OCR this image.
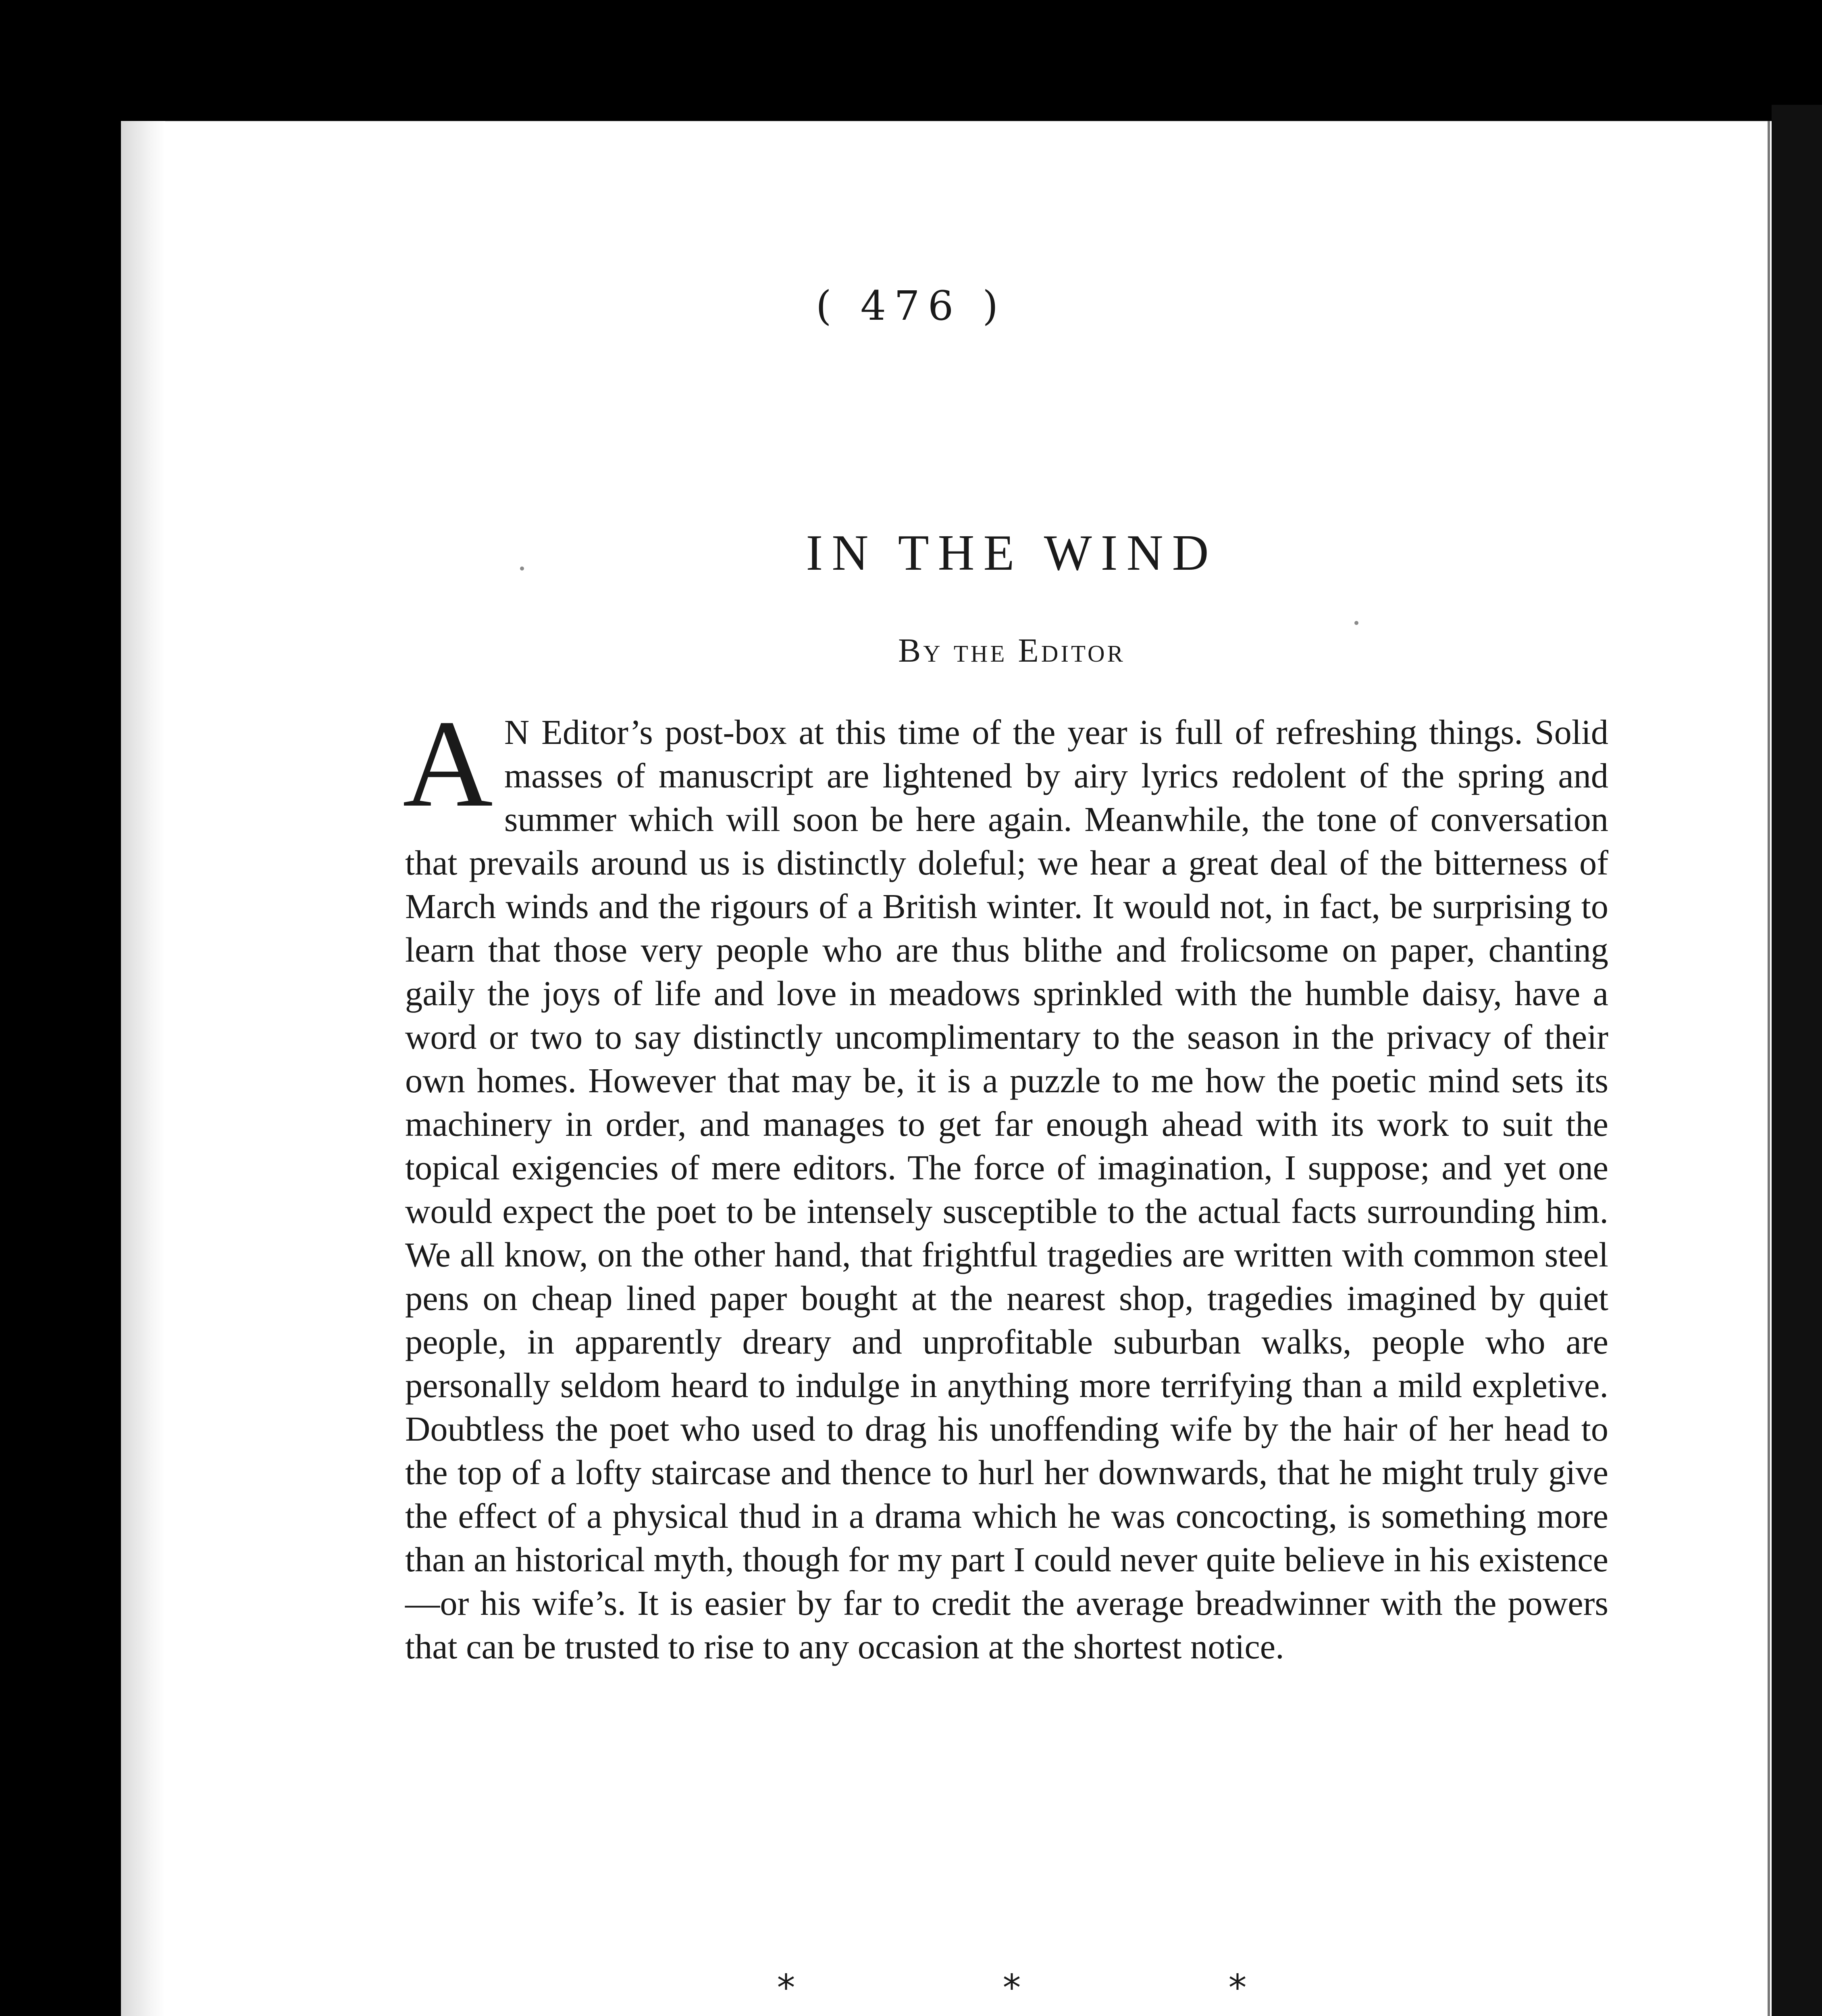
( 476 )
IN THE WIND
By the Editor
A N Editor’s post-box at this time of the year is full of refreshing things. Solid masses of manuscript are lightened by airy lyrics redolent of the spring and summer which will soon be here again. Meanwhile, the tone of conversation that prevails around us is distinctly doleful; we hear a great deal of the bitterness of March winds and the rigours of a British winter. It would not, in fact, be surprising to learn that those very people who are thus blithe and frolicsome on paper, chanting gaily the joys of life and love in meadows sprinkled with the humble daisy, have a word or two to say distinctly uncomplimentary to the season in the privacy of their own homes. However that may be, it is a puzzle to me how the poetic mind sets its machinery in order, and manages to get far enough ahead with its work to suit the topical exigencies of mere editors. The force of imagination, I suppose; and yet one would expect the poet to be intensely susceptible to the actual facts surrounding him. We all know, on the other hand, that frightful tragedies are written with common steel pens on cheap lined paper bought at the nearest shop, tragedies imagined by quiet people, in apparently dreary and unprofitable suburban walks, people who are personally seldom heard to indulge in anything more terrifying than a mild expletive. Doubtless the poet who used to drag his unoffending wife by the hair of her head to the top of a lofty staircase and thence to hurl her downwards, that he might truly give the effect of a physical thud in a drama which he was concocting, is something more than an historical myth, though for my part I could never quite believe in his existence—or his wife’s. It is easier by far to credit the average breadwinner with the powers that can be trusted to rise to any occasion at the shortest notice.
*	*	*
